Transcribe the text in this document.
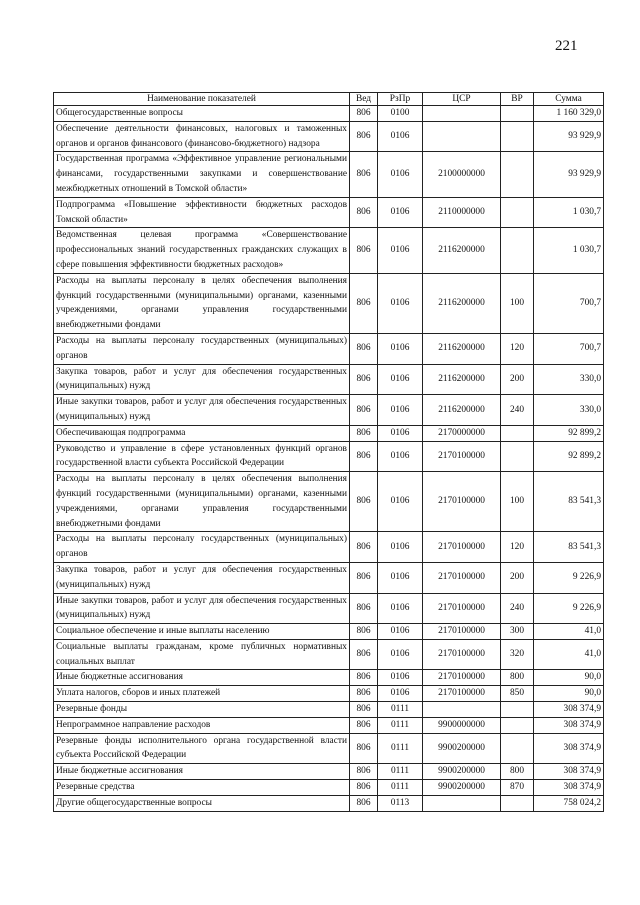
221
Наименование показателей	Вед	РзПр	ЦСР	ВР	Сумма
Общегосударственные вопросы	806	0100			1 160 329,0
Обеспечение деятельности финансовых, налоговых и таможенных органов и органов финансового (финансово-бюджетного) надзора	806	0106			93 929,9
Государственная программа «Эффективное управление региональными финансами, государственными закупками и совершенствование межбюджетных отношений в Томской области»	806	0106	2100000000		93 929,9
Подпрограмма «Повышение эффективности бюджетных расходов Томской области»	806	0106	2110000000		1 030,7
Ведомственная целевая программа «Совершенствование профессиональных знаний государственных гражданских служащих в сфере повышения эффективности бюджетных расходов»	806	0106	2116200000		1 030,7
Расходы на выплаты персоналу в целях обеспечения выполнения функций государственными (муниципальными) органами, казенными учреждениями, органами управления государственными внебюджетными фондами	806	0106	2116200000	100	700,7
Расходы на выплаты персоналу государственных (муниципальных) органов	806	0106	2116200000	120	700,7
Закупка товаров, работ и услуг для обеспечения государственных (муниципальных) нужд	806	0106	2116200000	200	330,0
Иные закупки товаров, работ и услуг для обеспечения государственных (муниципальных) нужд	806	0106	2116200000	240	330,0
Обеспечивающая подпрограмма	806	0106	2170000000		92 899,2
Руководство и управление в сфере установленных функций органов государственной власти субъекта Российской Федерации	806	0106	2170100000		92 899,2
Расходы на выплаты персоналу в целях обеспечения выполнения функций государственными (муниципальными) органами, казенными учреждениями, органами управления государственными внебюджетными фондами	806	0106	2170100000	100	83 541,3
Расходы на выплаты персоналу государственных (муниципальных) органов	806	0106	2170100000	120	83 541,3
Закупка товаров, работ и услуг для обеспечения государственных (муниципальных) нужд	806	0106	2170100000	200	9 226,9
Иные закупки товаров, работ и услуг для обеспечения государственных (муниципальных) нужд	806	0106	2170100000	240	9 226,9
Социальное обеспечение и иные выплаты населению	806	0106	2170100000	300	41,0
Социальные выплаты гражданам, кроме публичных нормативных социальных выплат	806	0106	2170100000	320	41,0
Иные бюджетные ассигнования	806	0106	2170100000	800	90,0
Уплата налогов, сборов и иных платежей	806	0106	2170100000	850	90,0
Резервные фонды	806	0111			308 374,9
Непрограммное направление расходов	806	0111	9900000000		308 374,9
Резервные фонды исполнительного органа государственной власти субъекта Российской Федерации	806	0111	9900200000		308 374,9
Иные бюджетные ассигнования	806	0111	9900200000	800	308 374,9
Резервные средства	806	0111	9900200000	870	308 374,9
Другие общегосударственные вопросы	806	0113			758 024,2
